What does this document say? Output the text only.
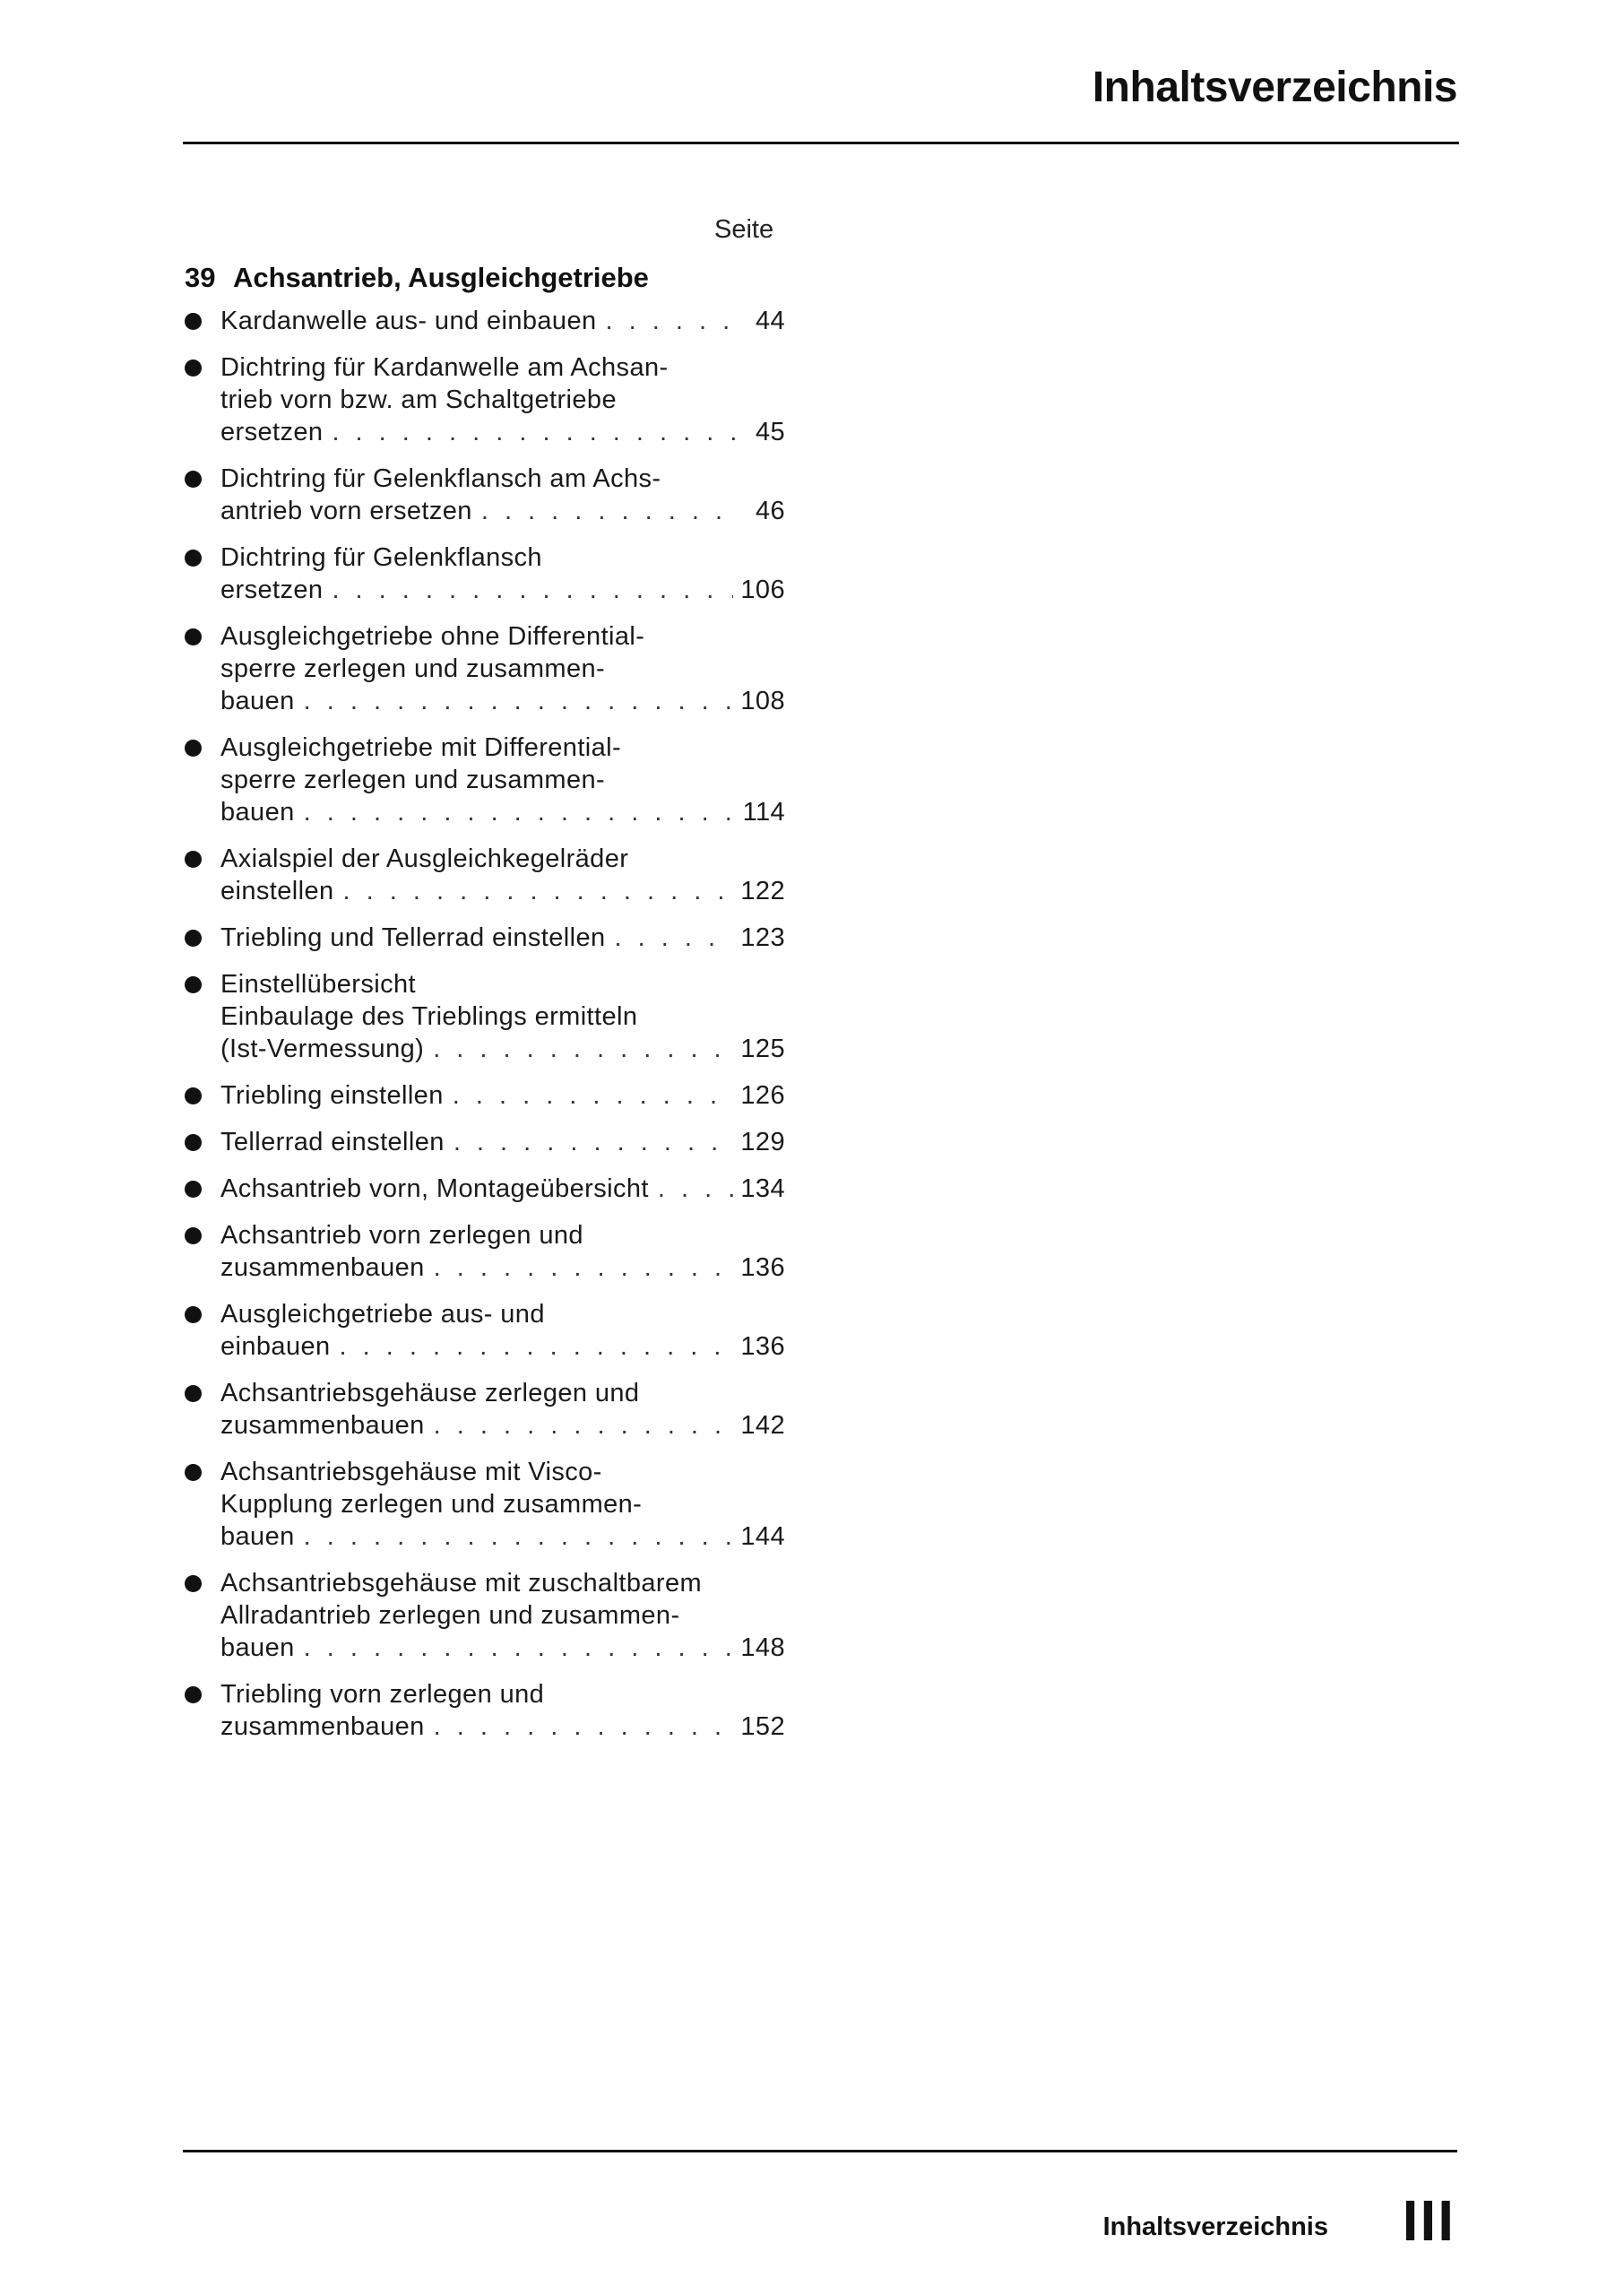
Inhaltsverzeichnis
Seite
39 Achsantrieb, Ausgleichgetriebe
Kardanwelle aus- und einbauen . . .	44
Dichtring für Kardanwelle am Achsan-
trieb vorn bzw. am Schaltgetriebe
ersetzen . . .	45
Dichtring für Gelenkflansch am Achs-
antrieb vorn ersetzen . . .	46
Dichtring für Gelenkflansch
ersetzen . . .	106
Ausgleichgetriebe ohne Differential-
sperre zerlegen und zusammen-
bauen . . .	108
Ausgleichgetriebe mit Differential-
sperre zerlegen und zusammen-
bauen . . .	114
Axialspiel der Ausgleichkegelräder
einstellen . . .	122
Triebling und Tellerrad einstellen . . .	123
Einstellübersicht
Einbaulage des Trieblings ermitteln
(Ist-Vermessung) . . .	125
Triebling einstellen . . .	126
Tellerrad einstellen . . .	129
Achsantrieb vorn, Montageübersicht . . .	134
Achsantrieb vorn zerlegen und
zusammenbauen . . .	136
Ausgleichgetriebe aus- und
einbauen . . .	136
Achsantriebsgehäuse zerlegen und
zusammenbauen . . .	142
Achsantriebsgehäuse mit Visco-
Kupplung zerlegen und zusammen-
bauen . . .	144
Achsantriebsgehäuse mit zuschaltbarem
Allradantrieb zerlegen und zusammen-
bauen . . .	148
Triebling vorn zerlegen und
zusammenbauen . . .	152
Inhaltsverzeichnis III
